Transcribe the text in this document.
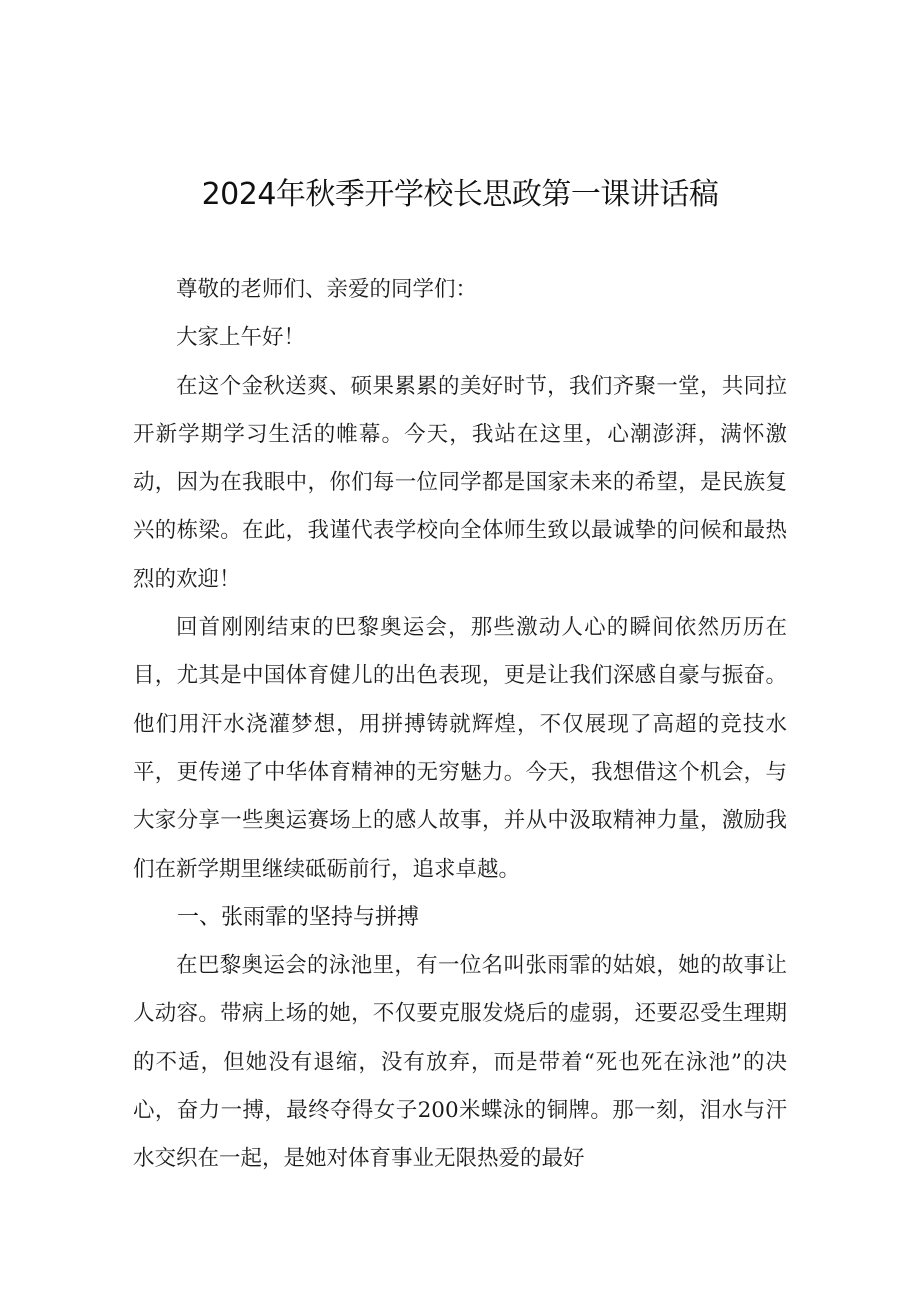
2024年秋季开学校长思政第一课讲话稿

尊敬的老师们、亲爱的同学们：

大家上午好！

在这个金秋送爽、硕果累累的美好时节，我们齐聚一堂，共同拉开新学期学习生活的帷幕。今天，我站在这里，心潮澎湃，满怀激动，因为在我眼中，你们每一位同学都是国家未来的希望，是民族复兴的栋梁。在此，我谨代表学校向全体师生致以最诚挚的问候和最热烈的欢迎！

回首刚刚结束的巴黎奥运会，那些激动人心的瞬间依然历历在目，尤其是中国体育健儿的出色表现，更是让我们深感自豪与振奋。他们用汗水浇灌梦想，用拼搏铸就辉煌，不仅展现了高超的竞技水平，更传递了中华体育精神的无穷魅力。今天，我想借这个机会，与大家分享一些奥运赛场上的感人故事，并从中汲取精神力量，激励我们在新学期里继续砥砺前行，追求卓越。

一、张雨霏的坚持与拼搏

在巴黎奥运会的泳池里，有一位名叫张雨霏的姑娘，她的故事让人动容。带病上场的她，不仅要克服发烧后的虚弱，还要忍受生理期的不适，但她没有退缩，没有放弃，而是带着“死也死在泳池”的决心，奋力一搏，最终夺得女子200米蝶泳的铜牌。那一刻，泪水与汗水交织在一起，是她对体育事业无限热爱的最好
